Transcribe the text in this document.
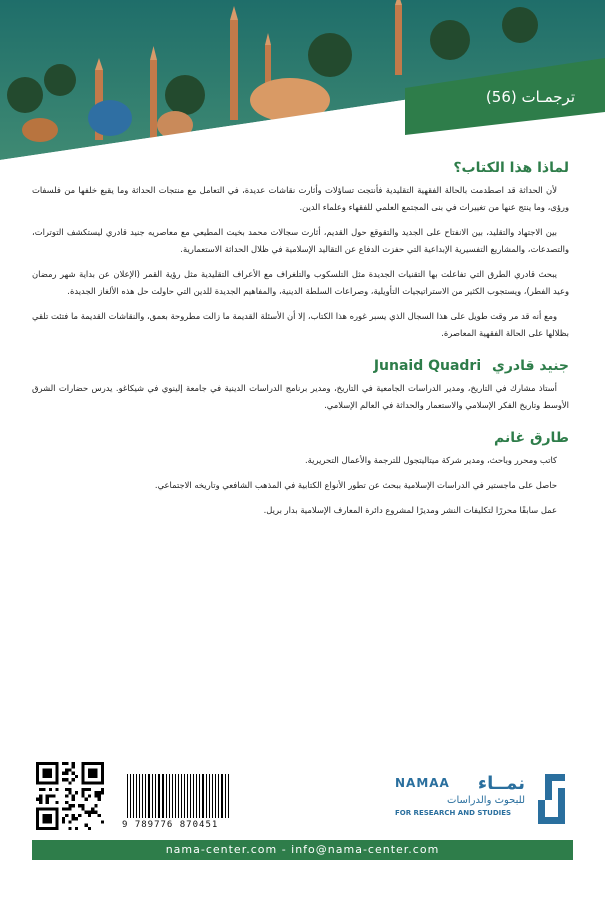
ترجمـات (56)
لماذا هذا الكتاب؟

لأن الحداثة قد اصطدمت بالحالة الفقهية التقليدية فأنتجت تساؤلات وأثارت نقاشات عديدة، في التعامل مع منتجات الحداثة وما يقبع خلفها من فلسفات ورؤى، وما ينتج عنها من تغييرات في بنى المجتمع العلمي للفقهاء وعلماء الدين.

بين الاجتهاد والتقليد، بين الانفتاح على الجديد والتقوقع حول القديم، أثارت سجالات محمد بخيت المطيعي مع معاصريه جنيد قادري ليستكشف التوترات، والتصدعات، والمشاريع التفسيرية الإبداعية التي حفزت الدفاع عن التقاليد الإسلامية في ظلال الحداثة الاستعمارية.

يبحث قادري الطرق التي تفاعلت بها التقنيات الجديدة مثل التلسكوب والتلغراف مع الأعراف التقليدية مثل رؤية القمر (الإعلان عن بداية شهر رمضان وعيد الفطر)، ويستجوب الكثير من الاستراتيجيات التأويلية، وصراعات السلطة الدينية، والمفاهيم الجديدة للدين التي حاولت حل هذه الألغاز الجديدة.

ومع أنه قد مر وقت طويل على هذا السجال الذي يسبر غوره هذا الكتاب، إلا أن الأسئلة القديمة ما زالت مطروحة بعمق، والنقاشات القديمة ما فتئت تلقي بظلالها على الحالة الفقهية المعاصرة.

جنيد قادري Junaid Quadri

أستاذ مشارك في التاريخ، ومدير الدراسات الجامعية في التاريخ، ومدير برنامج الدراسات الدينية في جامعة إلينوي في شيكاغو. يدرس حضارات الشرق الأوسط وتاريخ الفكر الإسلامي والاستعمار والحداثة في العالم الإسلامي.

طارق غانم

كاتب ومحرر وباحث، ومدير شركة ميتاليتجول للترجمة والأعمال التحريرية.

حاصل على ماجستير في الدراسات الإسلامية ببحث عن تطور الأنواع الكتابية في المذهب الشافعي وتاريخه الاجتماعي.

عمل سابقًا محررًا لتكليفات النشر ومديرًا لمشروع دائرة المعارف الإسلامية بدار بريل.

9 789776 870451
NAMAA نمــاء
للبحوث والدراسات
FOR RESEARCH AND STUDIES
nama-center.com - info@nama-center.com
